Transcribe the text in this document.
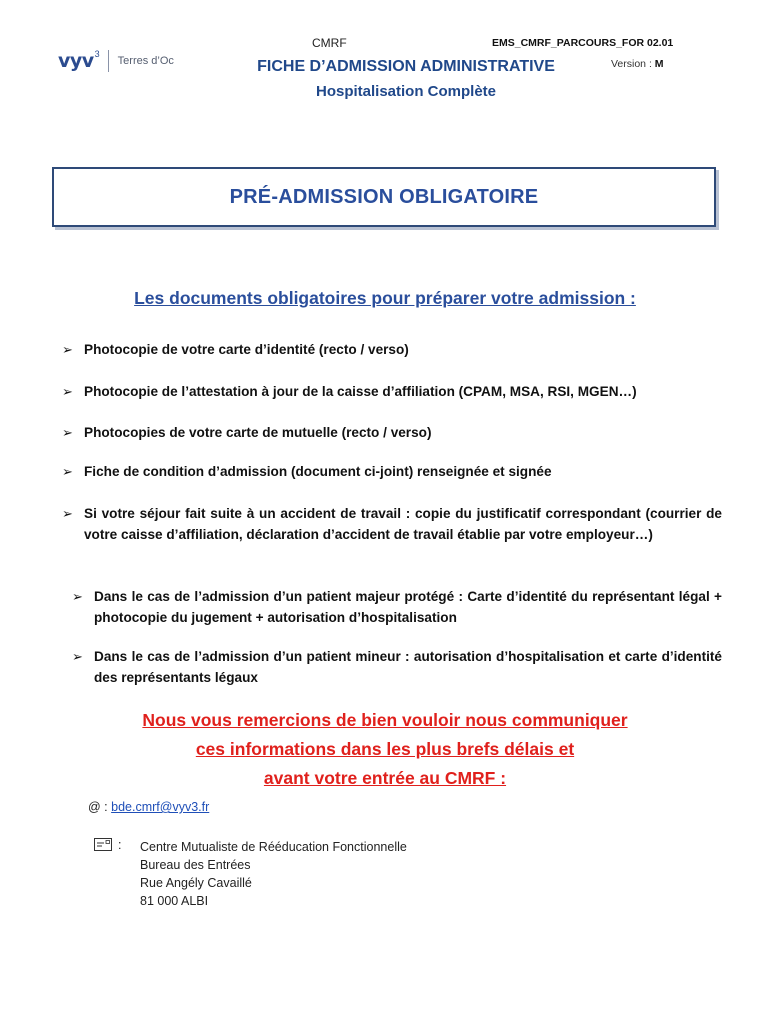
vyv 3
Terres d’Oc
CMRF	EMS_CMRF_PARCOURS_FOR 02.01
Version : M
FICHE D’ADMISSION ADMINISTRATIVE
Hospitalisation Complète
PRÉ-ADMISSION OBLIGATOIRE
Les documents obligatoires pour préparer votre admission :
➢ Photocopie de votre carte d’identité (recto / verso)
➢ Photocopie de l’attestation à jour de la caisse d’affiliation (CPAM, MSA, RSI, MGEN…)
➢ Photocopies de votre carte de mutuelle (recto / verso)
➢ Fiche de condition d’admission (document ci-joint) renseignée et signée
➢ Si votre séjour fait suite à un accident de travail : copie du justificatif correspondant (courrier de votre caisse d’affiliation, déclaration d’accident de travail établie par votre employeur…)
➢ Dans le cas de l’admission d’un patient majeur protégé : Carte d’identité du représentant légal + photocopie du jugement + autorisation d’hospitalisation
➢ Dans le cas de l’admission d’un patient mineur : autorisation d’hospitalisation et carte d’identité des représentants légaux
Nous vous remercions de bien vouloir nous communiquer
ces informations dans les plus brefs délais et
avant votre entrée au CMRF :
@ : bde.cmrf@vyv3.fr
: Centre Mutualiste de Rééducation Fonctionnelle
Bureau des Entrées
Rue Angély Cavaillé
81 000 ALBI
